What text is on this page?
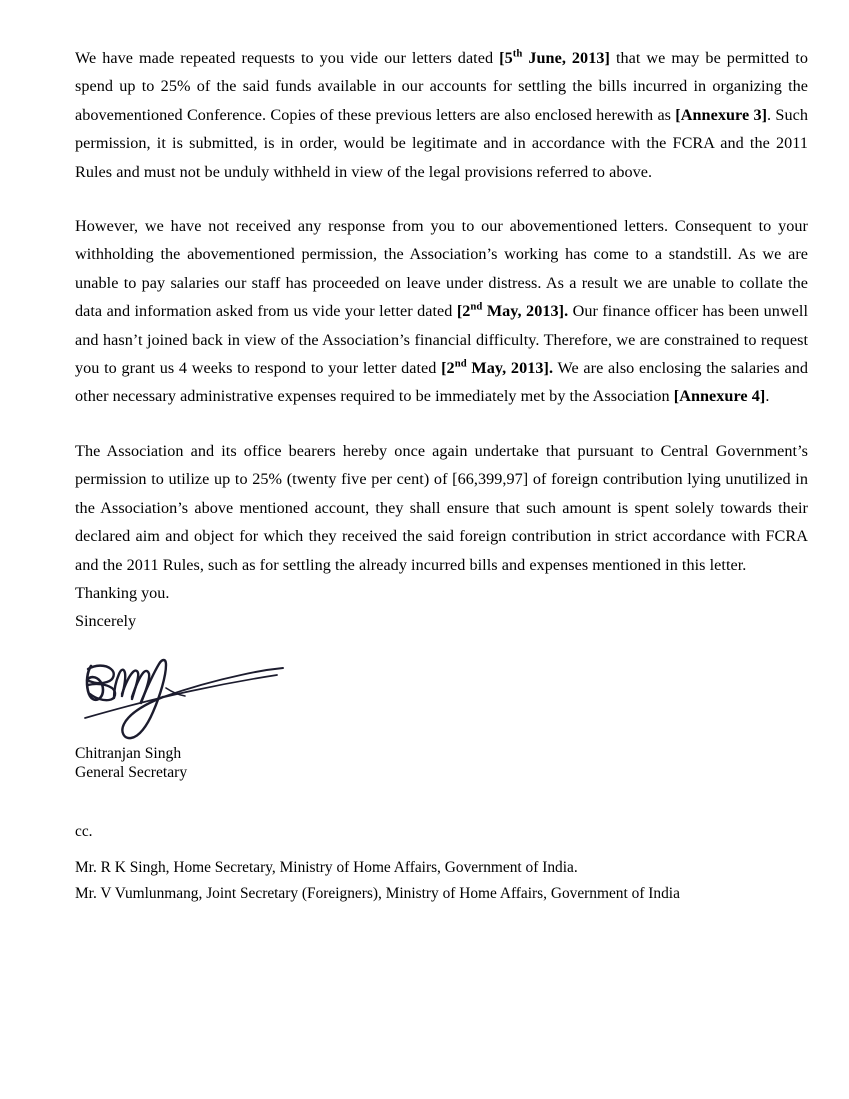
We have made repeated requests to you vide our letters dated [5th June, 2013] that we may be permitted to spend up to 25% of the said funds available in our accounts for settling the bills incurred in organizing the abovementioned Conference. Copies of these previous letters are also enclosed herewith as [Annexure 3]. Such permission, it is submitted, is in order, would be legitimate and in accordance with the FCRA and the 2011 Rules and must not be unduly withheld in view of the legal provisions referred to above.

However, we have not received any response from you to our abovementioned letters. Consequent to your withholding the abovementioned permission, the Association’s working has come to a standstill. As we are unable to pay salaries our staff has proceeded on leave under distress. As a result we are unable to collate the data and information asked from us vide your letter dated [2nd May, 2013]. Our finance officer has been unwell and hasn’t joined back in view of the Association’s financial difficulty. Therefore, we are constrained to request you to grant us 4 weeks to respond to your letter dated [2nd May, 2013]. We are also enclosing the salaries and other necessary administrative expenses required to be immediately met by the Association [Annexure 4].

The Association and its office bearers hereby once again undertake that pursuant to Central Government’s permission to utilize up to 25% (twenty five per cent) of [66,399,97] of foreign contribution lying unutilized in the Association’s above mentioned account, they shall ensure that such amount is spent solely towards their declared aim and object for which they received the said foreign contribution in strict accordance with FCRA and the 2011 Rules, such as for settling the already incurred bills and expenses mentioned in this letter.

Thanking you.

Sincerely

Chitranjan Singh

General Secretary

cc.

Mr. R K Singh, Home Secretary, Ministry of Home Affairs, Government of India.

Mr. V Vumlunmang, Joint Secretary (Foreigners), Ministry of Home Affairs, Government of India
